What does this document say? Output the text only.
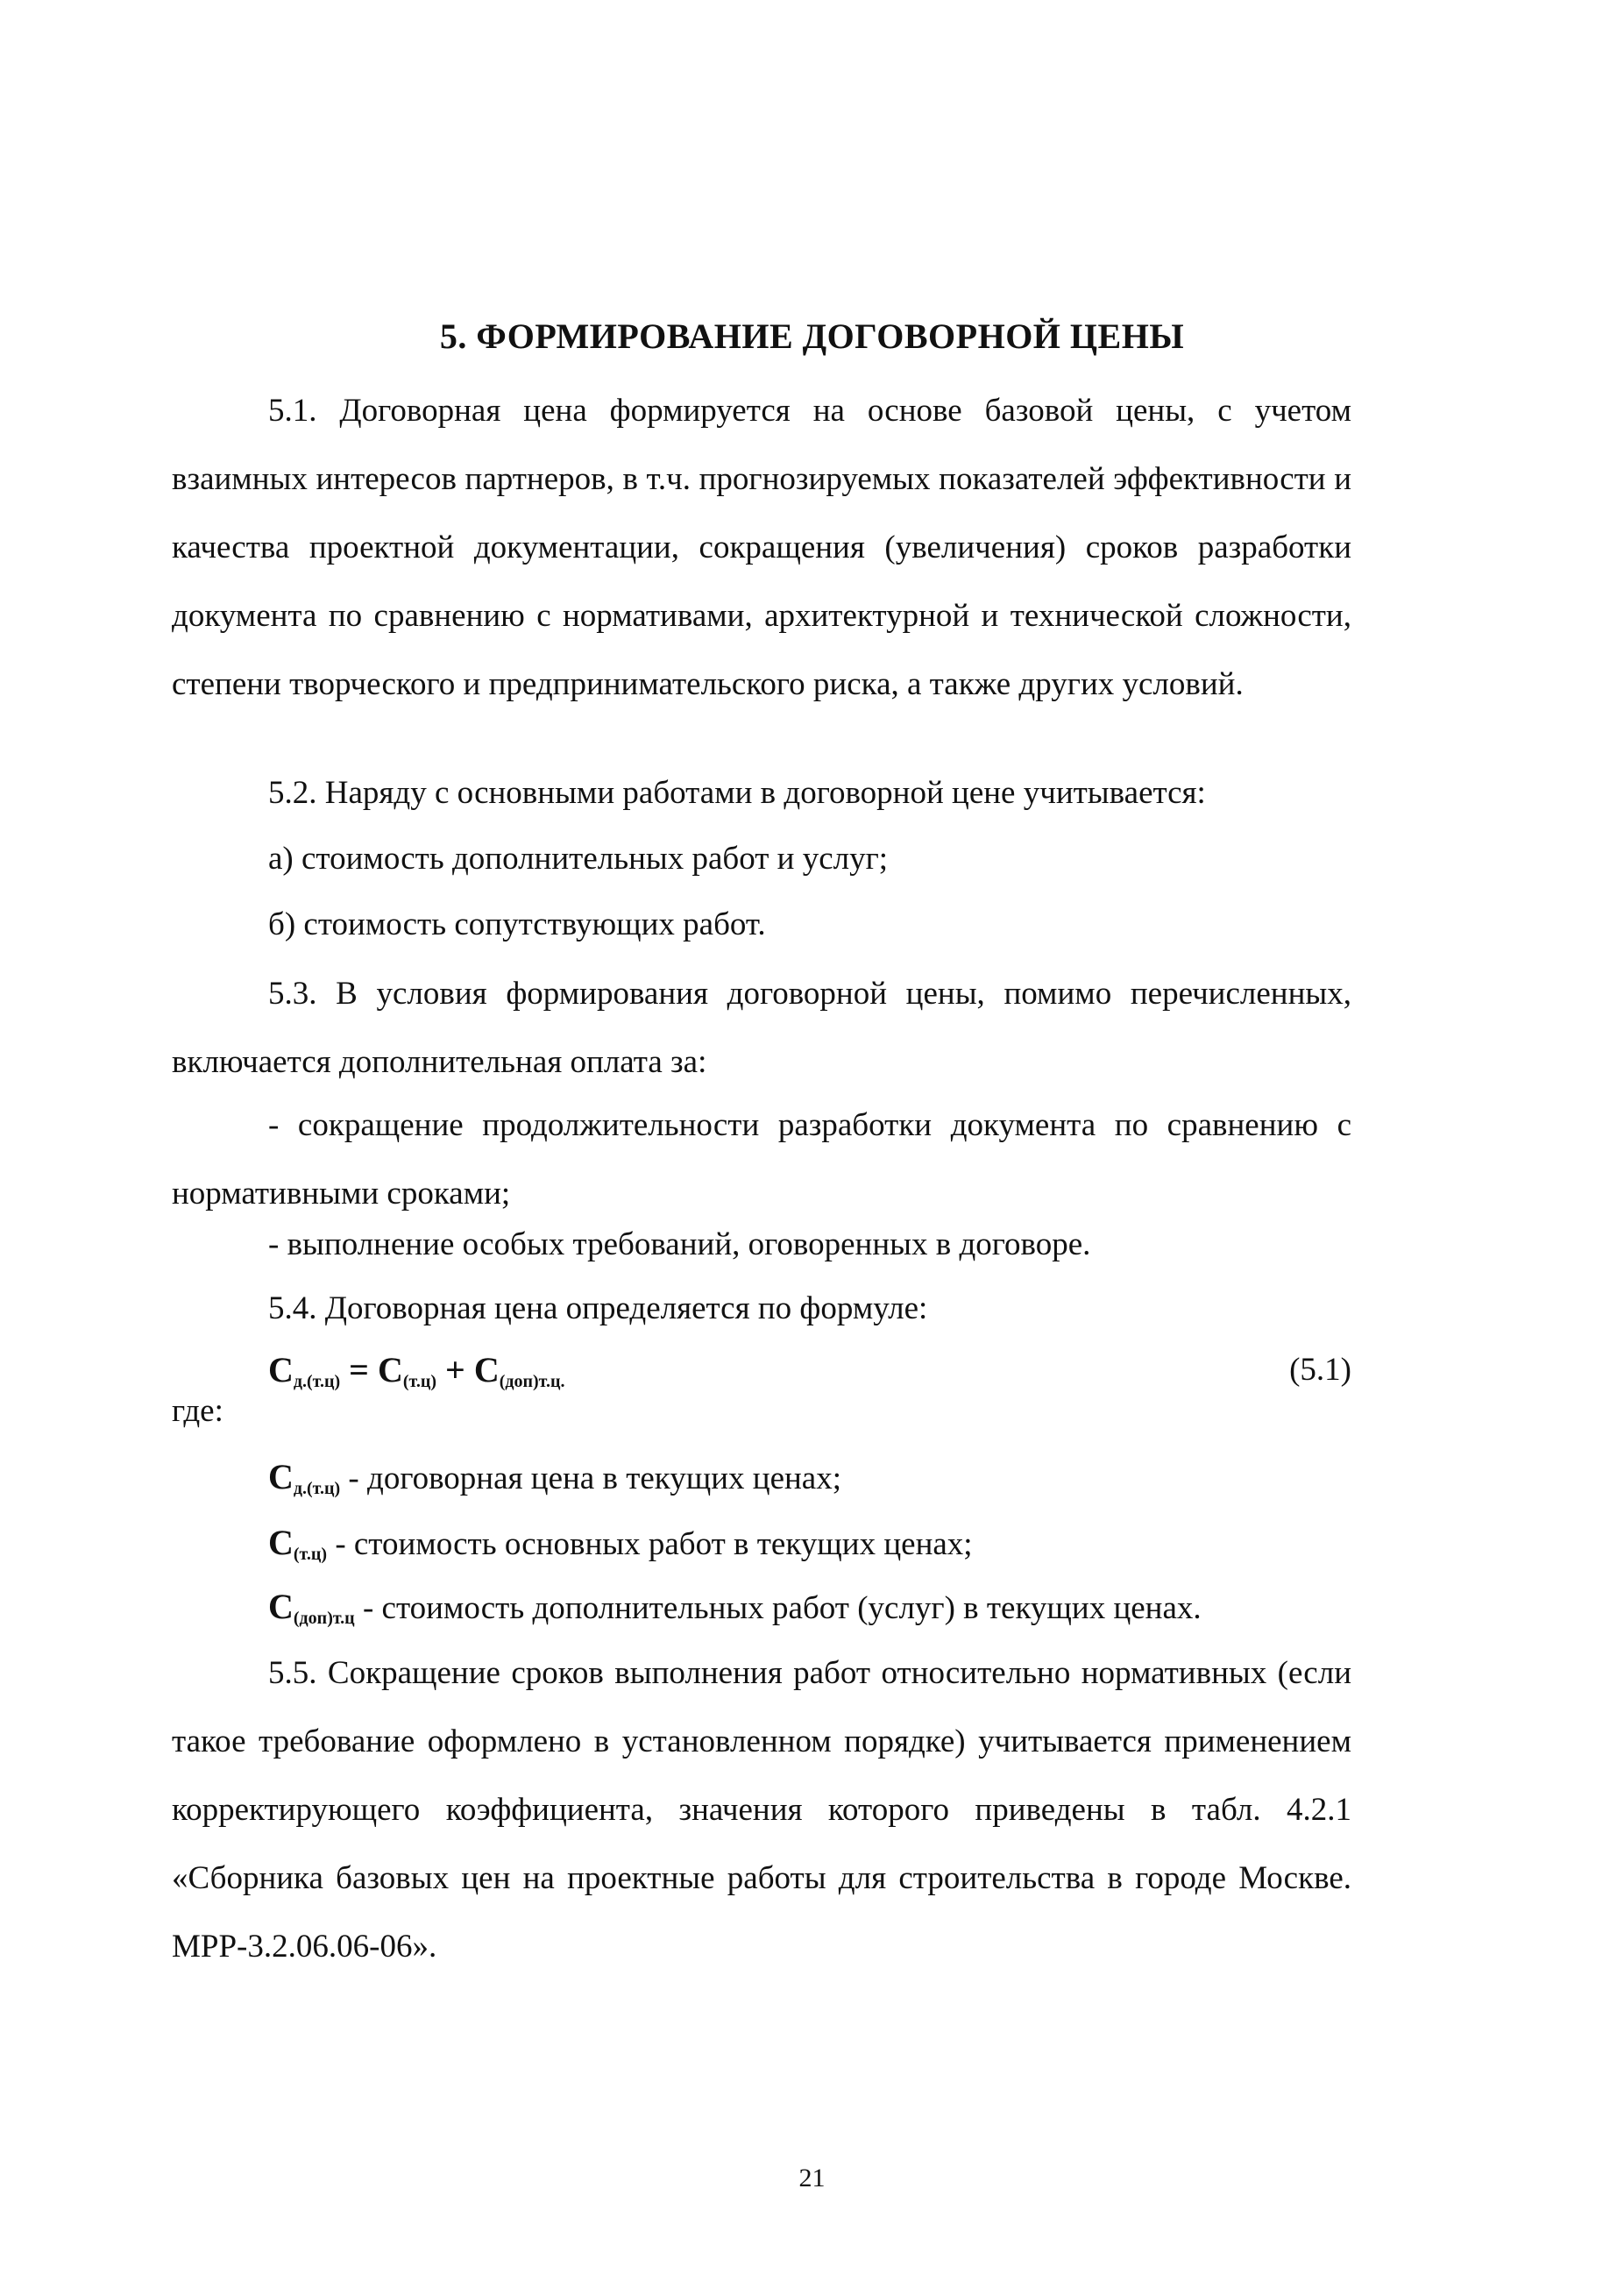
5. ФОРМИРОВАНИЕ ДОГОВОРНОЙ ЦЕНЫ
5.1. Договорная цена формируется на основе базовой цены, с учетом взаимных интересов партнеров, в т.ч. прогнозируемых показателей эффективности и качества проектной документации, сокращения (увеличения) сроков разработки документа по сравнению с нормативами, архитектурной и технической сложности, степени творческого и предпринимательского риска, а также других условий.
5.2. Наряду с основными работами в договорной цене учитывается:
а) стоимость дополнительных работ и услуг;
б) стоимость сопутствующих работ.
5.3. В условия формирования договорной цены, помимо перечисленных, включается дополнительная оплата за:
- сокращение продолжительности разработки документа по сравнению с нормативными сроками;
- выполнение особых требований, оговоренных в договоре.
5.4. Договорная цена определяется по формуле:
$С_{д.(т.ц)} = С_{(т.ц)} + С_{(доп)т.ц.}$	(5.1)
где:
$С_{д.(т.ц)}$ - договорная цена в текущих ценах;
$С_{(т.ц)}$ - стоимость основных работ в текущих ценах;
$С_{(доп)т.ц}$ - стоимость дополнительных работ (услуг) в текущих ценах.
5.5. Сокращение сроков выполнения работ относительно нормативных (если такое требование оформлено в установленном порядке) учитывается применением корректирующего коэффициента, значения которого приведены в табл. 4.2.1 «Сборника базовых цен на проектные работы для строительства в городе Москве. МРР-3.2.06.06-06».
21
